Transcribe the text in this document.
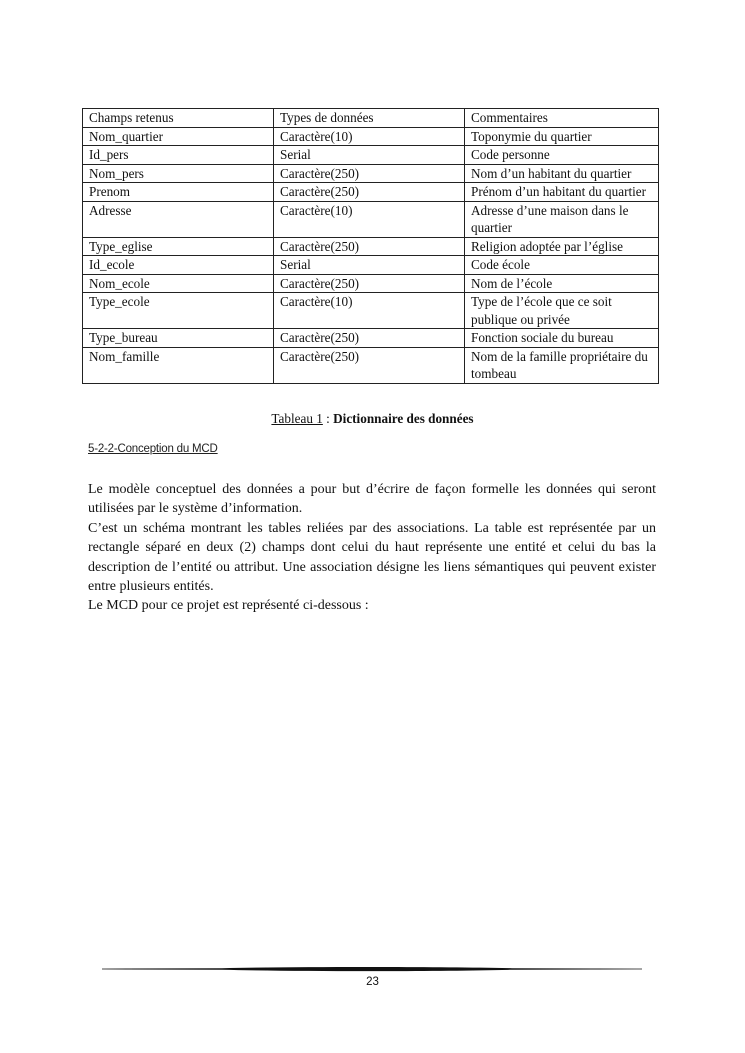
Champs retenus	Types de données	Commentaires
Nom_quartier	Caractère(10)	Toponymie du quartier
Id_pers	Serial	Code personne
Nom_pers	Caractère(250)	Nom d’un habitant du quartier
Prenom	Caractère(250)	Prénom d’un habitant du quartier
Adresse	Caractère(10)	Adresse d’une maison dans le quartier
Type_eglise	Caractère(250)	Religion adoptée par l’église
Id_ecole	Serial	Code école
Nom_ecole	Caractère(250)	Nom de l’école
Type_ecole	Caractère(10)	Type de l’école que ce soit publique ou privée
Type_bureau	Caractère(250)	Fonction sociale du bureau
Nom_famille	Caractère(250)	Nom de la famille propriétaire du tombeau
Tableau 1 : Dictionnaire des données
5-2-2-Conception du MCD

Le modèle conceptuel des données a pour but d’écrire de façon formelle les données qui seront utilisées par le système d’information.

C’est un schéma montrant les tables reliées par des associations. La table est représentée par un rectangle séparé en deux (2) champs dont celui du haut représente une entité et celui du bas la description de l’entité ou attribut. Une association désigne les liens sémantiques qui peuvent exister entre plusieurs entités.

Le MCD pour ce projet est représenté ci-dessous :

23
